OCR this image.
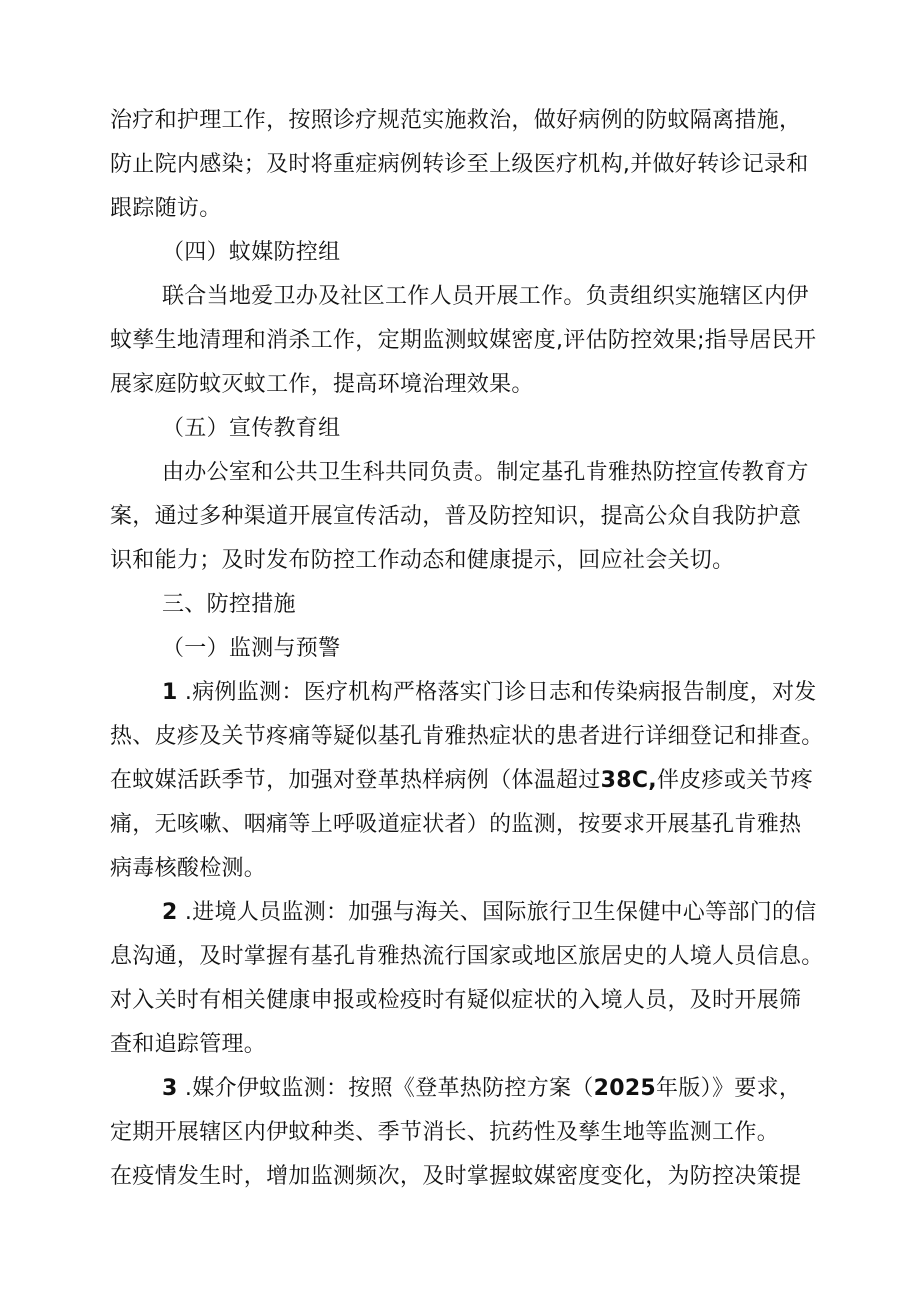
治疗和护理工作，按照诊疗规范实施救治，做好病例的防蚊隔离措施，
防止院内感染；及时将重症病例转诊至上级医疗机构,并做好转诊记录和
跟踪随访。
（四）蚊媒防控组
联合当地爱卫办及社区工作人员开展工作。负责组织实施辖区内伊
蚊孳生地清理和消杀工作，定期监测蚊媒密度,评估防控效果;指导居民开
展家庭防蚊灭蚊工作，提高环境治理效果。
（五）宣传教育组
由办公室和公共卫生科共同负责。制定基孔肯雅热防控宣传教育方
案，通过多种渠道开展宣传活动，普及防控知识，提高公众自我防护意
识和能力；及时发布防控工作动态和健康提示，回应社会关切。
三、防控措施
（一）监测与预警
1 .病例监测：医疗机构严格落实门诊日志和传染病报告制度，对发
热、皮疹及关节疼痛等疑似基孔肯雅热症状的患者进行详细登记和排查。
在蚊媒活跃季节，加强对登革热样病例（体温超过38C,伴皮疹或关节疼
痛，无咳嗽、咽痛等上呼吸道症状者）的监测，按要求开展基孔肯雅热
病毒核酸检测。
2 .进境人员监测：加强与海关、国际旅行卫生保健中心等部门的信
息沟通，及时掌握有基孔肯雅热流行国家或地区旅居史的人境人员信息。
对入关时有相关健康申报或检疫时有疑似症状的入境人员，及时开展筛
查和追踪管理。
3 .媒介伊蚊监测：按照《登革热防控方案（2025年版）》要求，
定期开展辖区内伊蚊种类、季节消长、抗药性及孳生地等监测工作。
在疫情发生时，增加监测频次，及时掌握蚊媒密度变化，为防控决策提
